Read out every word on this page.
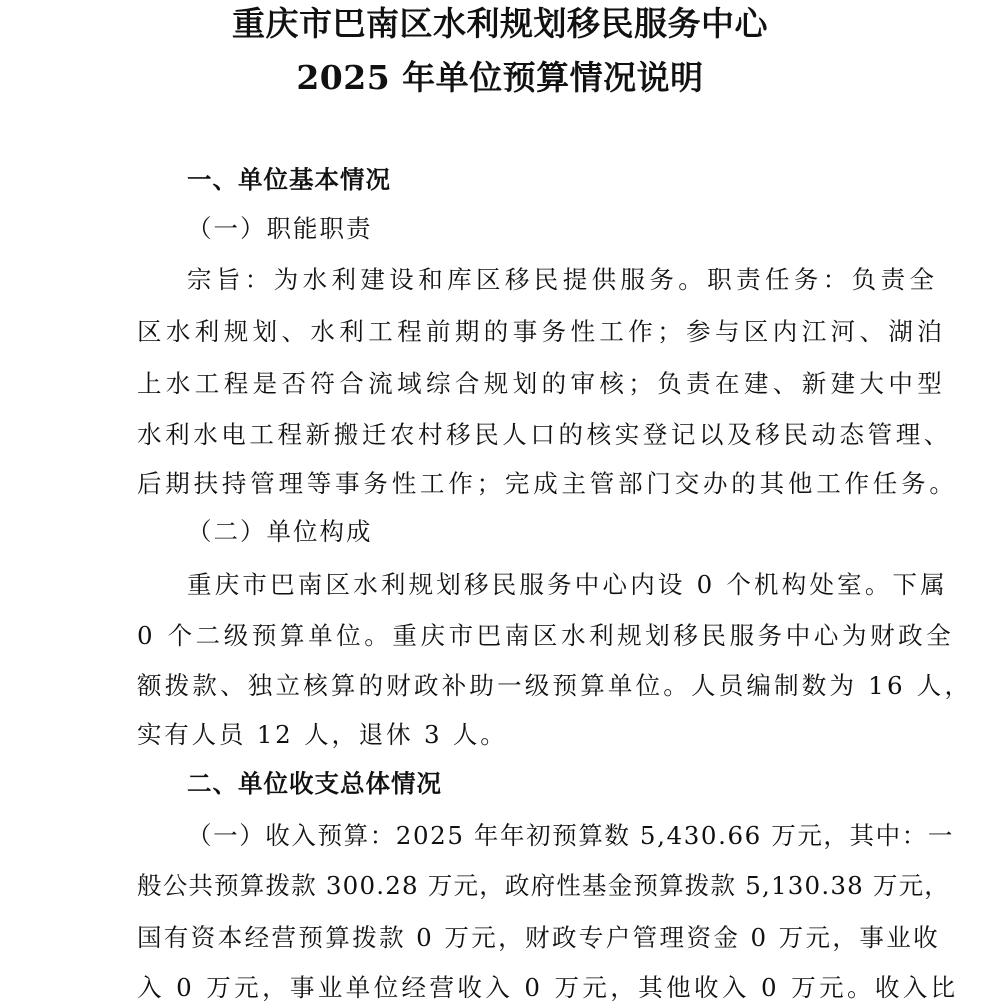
重庆市巴南区水利规划移民服务中心
2025 年单位预算情况说明
一、单位基本情况
（一）职能职责
宗旨：为水利建设和库区移民提供服务。职责任务：负责全
区水利规划、水利工程前期的事务性工作；参与区内江河、湖泊
上水工程是否符合流域综合规划的审核；负责在建、新建大中型
水利水电工程新搬迁农村移民人口的核实登记以及移民动态管理、
后期扶持管理等事务性工作；完成主管部门交办的其他工作任务。
（二）单位构成
重庆市巴南区水利规划移民服务中心内设 0 个机构处室。下属
0 个二级预算单位。重庆市巴南区水利规划移民服务中心为财政全
额拨款、独立核算的财政补助一级预算单位。人员编制数为 16 人，
实有人员 12 人，退休 3 人。
二、单位收支总体情况
（一）收入预算：2025 年年初预算数 5,430.66 万元，其中：一
般公共预算拨款 300.28 万元，政府性基金预算拨款 5,130.38 万元，
国有资本经营预算拨款 0 万元，财政专户管理资金 0 万元，事业收
入 0 万元，事业单位经营收入 0 万元，其他收入 0 万元。收入比
